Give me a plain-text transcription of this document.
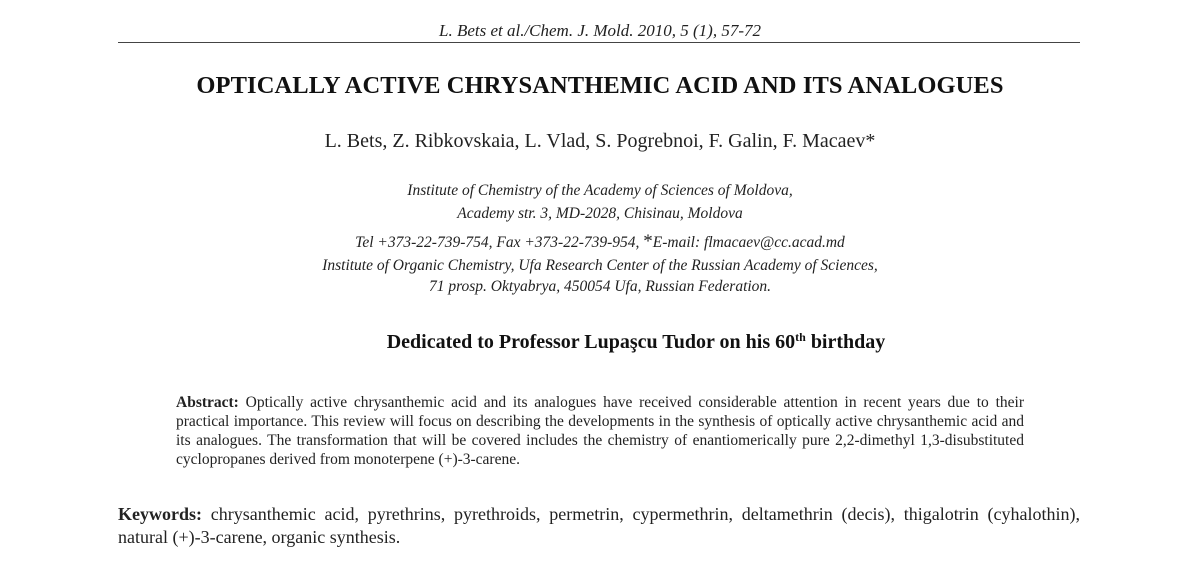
L. Bets et al./Chem. J. Mold. 2010, 5 (1), 57-72
OPTICALLY ACTIVE CHRYSANTHEMIC ACID AND ITS ANALOGUES
L. Bets, Z. Ribkovskaia, L. Vlad, S. Pogrebnoi, F. Galin, F. Macaev*
Institute of Chemistry of the Academy of Sciences of Moldova,
Academy str. 3, MD-2028, Chisinau, Moldova
Tel +373-22-739-754, Fax +373-22-739-954, *E-mail: flmacaev@cc.acad.md
Institute of Organic Chemistry, Ufa Research Center of the Russian Academy of Sciences,
71 prosp. Oktyabrya, 450054 Ufa, Russian Federation.
Dedicated to Professor Lupaşcu Tudor on his 60th birthday
Abstract: Optically active chrysanthemic acid and its analogues have received considerable attention in recent years due to their practical importance. This review will focus on describing the developments in the synthesis of optically active chrysanthemic acid and its analogues. The transformation that will be covered includes the chemistry of enantiomerically pure 2,2-dimethyl 1,3-disubstituted cyclopropanes derived from monoterpene (+)-3-carene.
Keywords: chrysanthemic acid, pyrethrins, pyrethroids, permetrin, cypermethrin, deltamethrin (decis), thigalotrin (cyhalothin), natural (+)-3-carene, organic synthesis.
